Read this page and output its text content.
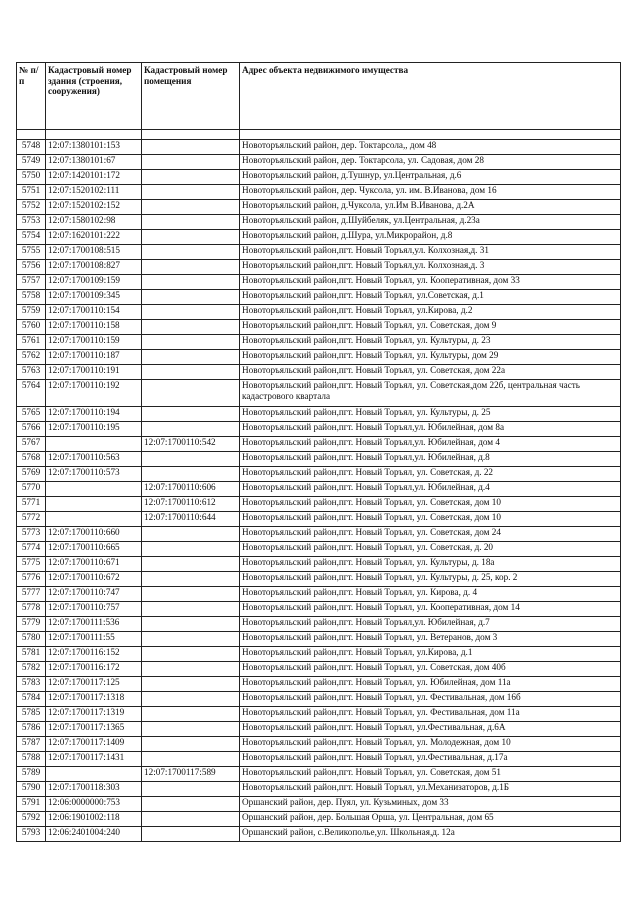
№ п/п	Кадастровый номер здания (строения, сооружения)	Кадастровый номер помещения	Адрес объекта недвижимого имущества

5748	12:07:1380101:153		Новоторъяльский район, дер. Токтарсола,, дом 48
5749	12:07:1380101:67		Новоторъяльский район, дер. Токтарсола, ул. Садовая, дом 28
5750	12:07:1420101:172		Новоторъяльский район, д.Тушнур, ул.Центральная, д.6
5751	12:07:1520102:111		Новоторъяльский район, дер. Чуксола, ул. им. В.Иванова, дом 16
5752	12:07:1520102:152		Новоторъяльский район, д.Чуксола, ул.Им В.Иванова, д.2А
5753	12:07:1580102:98		Новоторъяльский район, д.Шуйбеляк, ул.Центральная, д.23а
5754	12:07:1620101:222		Новоторъяльский район, д.Шура, ул.Микрорайон, д.8
5755	12:07:1700108:515		Новоторъяльский район,пгт. Новый Торъял,ул. Колхозная,д. 31
5756	12:07:1700108:827		Новоторъяльский район,пгт. Новый Торъял,ул. Колхозная,д. 3
5757	12:07:1700109:159		Новоторъяльский район,пгт. Новый Торъял, ул. Кооперативная, дом 33
5758	12:07:1700109:345		Новоторъяльский район,пгт. Новый Торъял, ул.Советская, д.1
5759	12:07:1700110:154		Новоторъяльский район,пгт. Новый Торъял, ул.Кирова, д.2
5760	12:07:1700110:158		Новоторъяльский район,пгт. Новый Торъял, ул. Советская, дом 9
5761	12:07:1700110:159		Новоторъяльский район,пгт. Новый Торъял, ул. Культуры, д. 23
5762	12:07:1700110:187		Новоторъяльский район,пгт. Новый Торъял, ул. Культуры, дом 29
5763	12:07:1700110:191		Новоторъяльский район,пгт. Новый Торъял, ул. Советская, дом 22а
5764	12:07:1700110:192		Новоторъяльский район,пгт. Новый Торъял, ул. Советская,дом 22б, центральная часть кадастрового квартала
5765	12:07:1700110:194		Новоторъяльский район,пгт. Новый Торъял, ул. Культуры, д. 25
5766	12:07:1700110:195		Новоторъяльский район,пгт. Новый Торъял,ул. Юбилейная, дом 8а
5767		12:07:1700110:542	Новоторъяльский район,пгт. Новый Торъял,ул. Юбилейная, дом 4
5768	12:07:1700110:563		Новоторъяльский район,пгт. Новый Торъял,ул. Юбилейная, д.8
5769	12:07:1700110:573		Новоторъяльский район,пгт. Новый Торъял, ул. Советская, д. 22
5770		12:07:1700110:606	Новоторъяльский район,пгт. Новый Торъял,ул. Юбилейная, д.4
5771		12:07:1700110:612	Новоторъяльский район,пгт. Новый Торъял, ул. Советская, дом 10
5772		12:07:1700110:644	Новоторъяльский район,пгт. Новый Торъял, ул. Советская, дом 10
5773	12:07:1700110:660		Новоторъяльский район,пгт. Новый Торъял, ул. Советская, дом 24
5774	12:07:1700110:665		Новоторъяльский район,пгт. Новый Торъял, ул. Советская, д. 20
5775	12:07:1700110:671		Новоторъяльский район,пгт. Новый Торъял, ул. Культуры, д. 18а
5776	12:07:1700110:672		Новоторъяльский район,пгт. Новый Торъял, ул. Культуры, д. 25, кор. 2
5777	12:07:1700110:747		Новоторъяльский район,пгт. Новый Торъял, ул. Кирова, д. 4
5778	12:07:1700110:757		Новоторъяльский район,пгт. Новый Торъял, ул. Кооперативная, дом 14
5779	12:07:1700111:536		Новоторъяльский район,пгт. Новый Торъял,ул. Юбилейная, д.7
5780	12:07:1700111:55		Новоторъяльский район,пгт. Новый Торъял, ул. Ветеранов, дом 3
5781	12:07:1700116:152		Новоторъяльский район,пгт. Новый Торъял, ул.Кирова, д.1
5782	12:07:1700116:172		Новоторъяльский район,пгт. Новый Торъял, ул. Советская, дом 40б
5783	12:07:1700117:125		Новоторъяльский район,пгт. Новый Торъял, ул. Юбилейная, дом 11а
5784	12:07:1700117:1318		Новоторъяльский район,пгт. Новый Торъял, ул. Фестивальная, дом 16б
5785	12:07:1700117:1319		Новоторъяльский район,пгт. Новый Торъял, ул. Фестивальная, дом 11а
5786	12:07:1700117:1365		Новоторъяльский район,пгт. Новый Торъял, ул.Фестивальная, д.6А
5787	12:07:1700117:1409		Новоторъяльский район,пгт. Новый Торъял, ул. Молодежная, дом 10
5788	12:07:1700117:1431		Новоторъяльский район,пгт. Новый Торъял, ул.Фестивальная, д.17а
5789		12:07:1700117:589	Новоторъяльский район,пгт. Новый Торъял, ул. Советская, дом 51
5790	12:07:1700118:303		Новоторъяльский район,пгт. Новый Торъял, ул.Механизаторов, д.1Б
5791	12:06:0000000:753		Оршанский район, дер. Пуял, ул. Кузьминых, дом 33
5792	12:06:1901002:118		Оршанский район, дер. Большая Орша, ул. Центральная, дом 65
5793	12:06:2401004:240		Оршанский район, с.Великополье,ул. Школьная,д. 12а
